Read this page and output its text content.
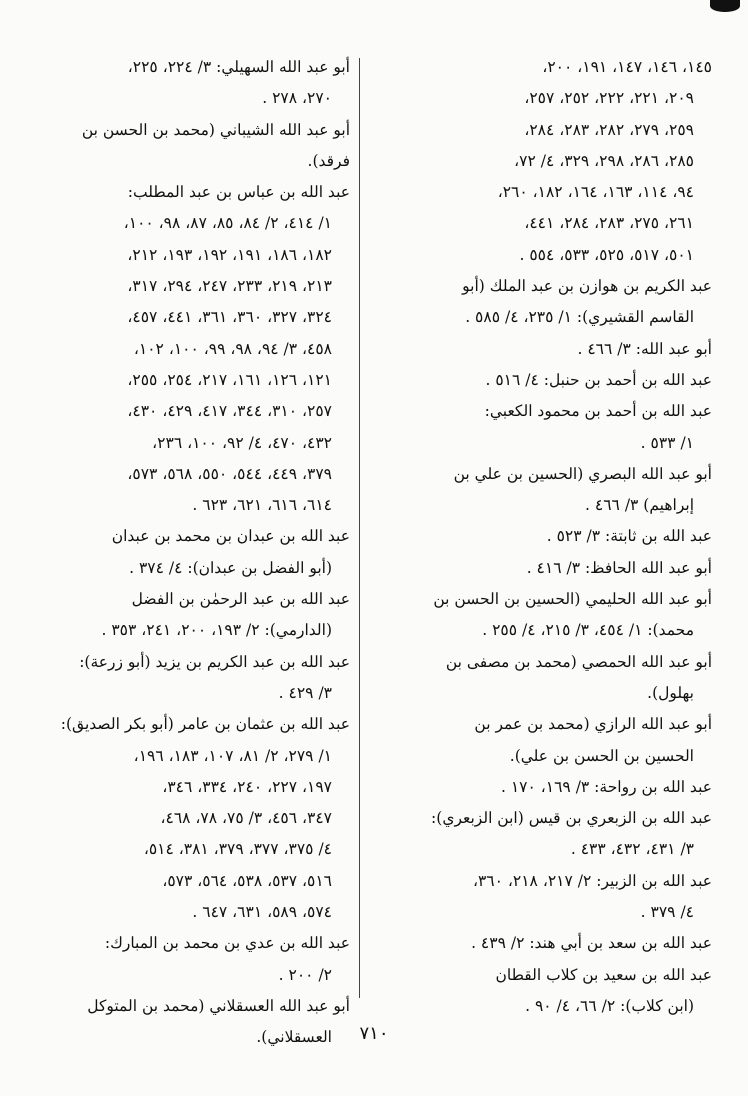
١٤٥، ١٤٦، ١٤٧، ١٩١، ٢٠٠،
٢٠٩، ٢٢١، ٢٢٢، ٢٥٢، ٢٥٧،
٢٥٩، ٢٧٩، ٢٨٢، ٢٨٣، ٢٨٤،
٢٨٥، ٢٨٦، ٢٩٨، ٣٢٩، ٤/ ٧٢،
٩٤، ١١٤، ١٦٣، ١٦٤، ١٨٢، ٢٦٠،
٢٦١، ٢٧٥، ٢٨٣، ٢٨٤، ٤٤١،
٥٠١، ٥١٧، ٥٢٥، ٥٣٣، ٥٥٤ .
عبد الكريم بن هوازن بن عبد الملك (أبو
القاسم القشيري): ١/ ٢٣٥، ٤/ ٥٨٥ .
أبو عبد الله: ٣/ ٤٦٦ .
عبد الله بن أحمد بن حنبل: ٤/ ٥١٦ .
عبد الله بن أحمد بن محمود الكعبي:
١/ ٥٣٣ .
أبو عبد الله البصري (الحسين بن علي بن
إبراهيم) ٣/ ٤٦٦ .
عبد الله بن ثابتة: ٣/ ٥٢٣ .
أبو عبد الله الحافظ: ٣/ ٤١٦ .
أبو عبد الله الحليمي (الحسين بن الحسن بن
محمد): ١/ ٤٥٤، ٣/ ٢١٥، ٤/ ٢٥٥ .
أبو عبد الله الحمصي (محمد بن مصفى بن
بهلول).
أبو عبد الله الرازي (محمد بن عمر بن
الحسين بن الحسن بن علي).
عبد الله بن رواحة: ٣/ ١٦٩، ١٧٠ .
عبد الله بن الزبعري بن قيس (ابن الزبعري):
٣/ ٤٣١، ٤٣٢، ٤٣٣ .
عبد الله بن الزبير: ٢/ ٢١٧، ٢١٨، ٣٦٠،
٤/ ٣٧٩ .
عبد الله بن سعد بن أبي هند: ٢/ ٤٣٩ .
عبد الله بن سعيد بن كلاب القطان
(ابن كلاب): ٢/ ٦٦، ٤/ ٩٠ .
أبو عبد الله السهيلي: ٣/ ٢٢٤، ٢٢٥،
٢٧٠، ٢٧٨ .
أبو عبد الله الشيباني (محمد بن الحسن بن فرقد).
عبد الله بن عباس بن عبد المطلب:
١/ ٤١٤، ٢/ ٨٤، ٨٥، ٨٧، ٩٨، ١٠٠،
١٨٢، ١٨٦، ١٩١، ١٩٢، ١٩٣، ٢١٢،
٢١٣، ٢١٩، ٢٣٣، ٢٤٧، ٢٩٤، ٣١٧،
٣٢٤، ٣٢٧، ٣٦٠، ٣٦١، ٤٤١، ٤٥٧،
٤٥٨، ٣/ ٩٤، ٩٨، ٩٩، ١٠٠، ١٠٢،
١٢١، ١٢٦، ١٦١، ٢١٧، ٢٥٤، ٢٥٥،
٢٥٧، ٣١٠، ٣٤٤، ٤١٧، ٤٢٩، ٤٣٠،
٤٣٢، ٤٧٠، ٤/ ٩٢، ١٠٠، ٢٣٦،
٣٧٩، ٤٤٩، ٥٤٤، ٥٥٠، ٥٦٨، ٥٧٣،
٦١٤، ٦١٦، ٦٢١، ٦٢٣ .
عبد الله بن عبدان بن محمد بن عبدان
(أبو الفضل بن عبدان): ٤/ ٣٧٤ .
عبد الله بن عبد الرحمٰن بن الفضل
(الدارمي): ٢/ ١٩٣، ٢٠٠، ٢٤١، ٣٥٣ .
عبد الله بن عبد الكريم بن يزيد (أبو زرعة):
٣/ ٤٢٩ .
عبد الله بن عثمان بن عامر (أبو بكر الصديق):
١/ ٢٧٩، ٢/ ٨١، ١٠٧، ١٨٣، ١٩٦،
١٩٧، ٢٢٧، ٢٤٠، ٣٣٤، ٣٤٦،
٣٤٧، ٤٥٦، ٣/ ٧٥، ٧٨، ٤٦٨،
٤/ ٣٧٥، ٣٧٧، ٣٧٩، ٣٨١، ٥١٤،
٥١٦، ٥٣٧، ٥٣٨، ٥٦٤، ٥٧٣،
٥٧٤، ٥٨٩، ٦٣١، ٦٤٧ .
عبد الله بن عدي بن محمد بن المبارك:
٢/ ٢٠٠ .
أبو عبد الله العسقلاني (محمد بن المتوكل
العسقلاني).	٧١٠
